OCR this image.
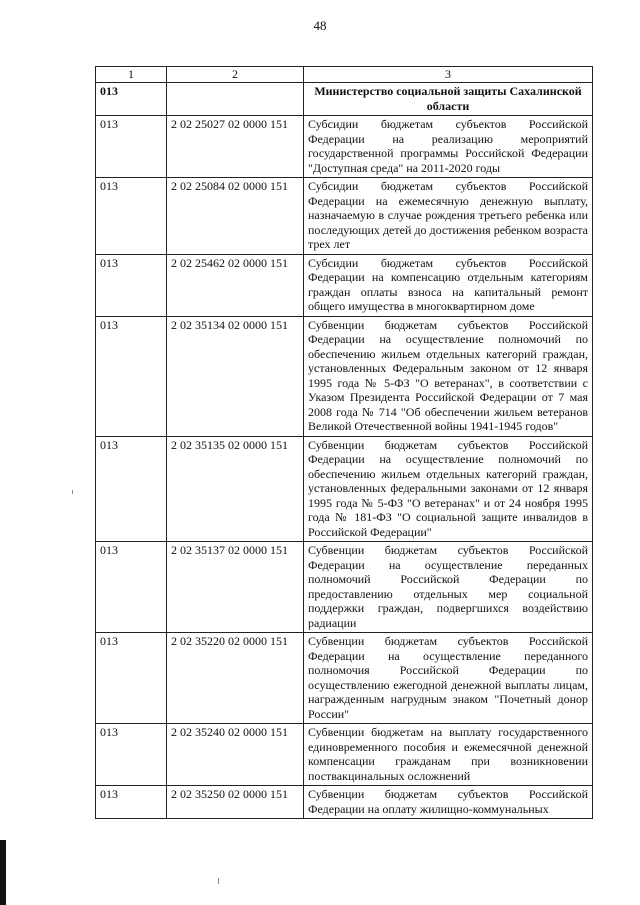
48
1	2	3
013		Министерство социальной защиты Сахалинской области
013	2 02 25027 02 0000 151	Субсидии бюджетам субъектов Российской Федерации на реализацию мероприятий государственной программы Российской Федерации "Доступная среда" на 2011-2020 годы
013	2 02 25084 02 0000 151	Субсидии бюджетам субъектов Российской Федерации на ежемесячную денежную выплату, назначаемую в случае рождения третьего ребенка или последующих детей до достижения ребенком возраста трех лет
013	2 02 25462 02 0000 151	Субсидии бюджетам субъектов Российской Федерации на компенсацию отдельным категориям граждан оплаты взноса на капитальный ремонт общего имущества в многоквартирном доме
013	2 02 35134 02 0000 151	Субвенции бюджетам субъектов Российской Федерации на осуществление полномочий по обеспечению жильем отдельных категорий граждан, установленных Федеральным законом от 12 января 1995 года № 5-ФЗ "О ветеранах", в соответствии с Указом Президента Российской Федерации от 7 мая 2008 года № 714 "Об обеспечении жильем ветеранов Великой Отечественной войны 1941-1945 годов"
013	2 02 35135 02 0000 151	Субвенции бюджетам субъектов Российской Федерации на осуществление полномочий по обеспечению жильем отдельных категорий граждан, установленных федеральными законами от 12 января 1995 года № 5-ФЗ "О ветеранах" и от 24 ноября 1995 года № 181-ФЗ "О социальной защите инвалидов в Российской Федерации"
013	2 02 35137 02 0000 151	Субвенции бюджетам субъектов Российской Федерации на осуществление переданных полномочий Российской Федерации по предоставлению отдельных мер социальной поддержки граждан, подвергшихся воздействию радиации
013	2 02 35220 02 0000 151	Субвенции бюджетам субъектов Российской Федерации на осуществление переданного полномочия Российской Федерации по осуществлению ежегодной денежной выплаты лицам, награжденным нагрудным знаком "Почетный донор России"
013	2 02 35240 02 0000 151	Субвенции бюджетам на выплату государственного единовременного пособия и ежемесячной денежной компенсации гражданам при возникновении поствакцинальных осложнений

013	2 02 35250 02 0000 151	Субвенции бюджетам субъектов Российской Федерации на оплату жилищно-коммунальных
